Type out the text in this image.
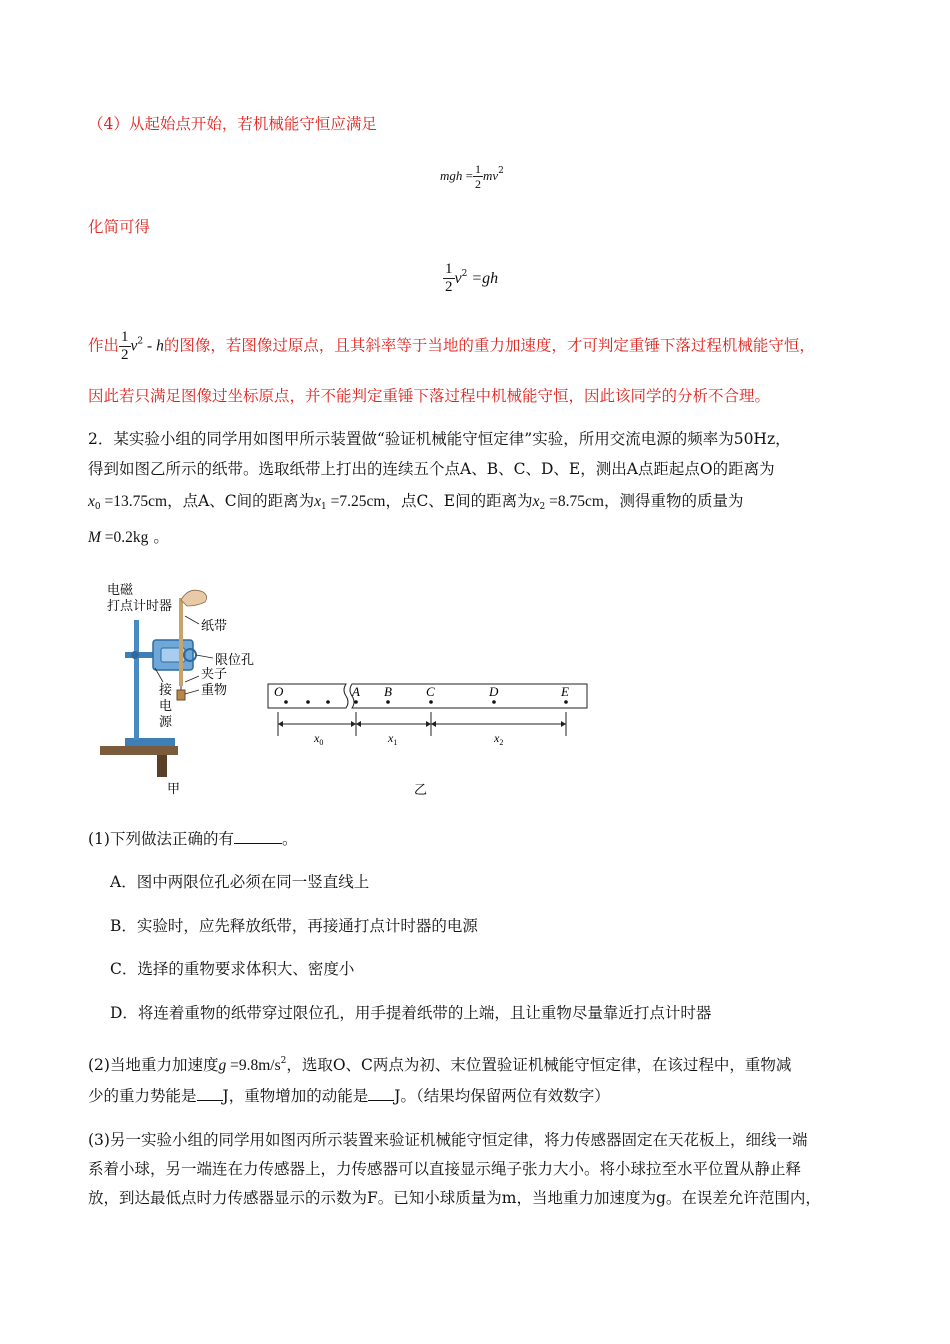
（4）从起始点开始，若机械能守恒应满足
mgh = $\frac{1}{2} mv^2$
化简可得
$\frac{1}{2} v^2 =gh$
作出 $\frac{1}{2} v^2$ - h的图像，若图像过原点，且其斜率等于当地的重力加速度，才可判定重锤下落过程机械能守恒，
因此若只满足图像过坐标原点，并不能判定重锤下落过程中机械能守恒，因此该同学的分析不合理。
2．某实验小组的同学用如图甲所示装置做“验证机械能守恒定律”实验，所用交流电源的频率为50Hz，
得到如图乙所示的纸带。选取纸带上打出的连续五个点A、B、C、D、E，测出A点距起点O的距离为
$x_0 =13.75cm$，点A、C间的距离为$x_1 =7.25cm$，点C、E间的距离为$x_2 =8.75cm$，测得重物的质量为
M =0.2kg 。
电磁
打点计时器
纸带
限位孔
夹子
重物
接
电
源
甲
O	A B	C	D	E
$x_0$	$x_1$	$x_2$
乙
(1)下列做法正确的有	。
A．图中两限位孔必须在同一竖直线上
B．实验时，应先释放纸带，再接通打点计时器的电源
C．选择的重物要求体积大、密度小
D．将连着重物的纸带穿过限位孔，用手提着纸带的上端，且让重物尽量靠近打点计时器
(2)当地重力加速度$g =9.8m/s^2$，选取O、C两点为初、末位置验证机械能守恒定律，在该过程中，重物减
少的重力势能是 J，重物增加的动能是 J。（结果均保留两位有效数字）
(3)另一实验小组的同学用如图丙所示装置来验证机械能守恒定律，将力传感器固定在天花板上，细线一端
系着小球，另一端连在力传感器上，力传感器可以直接显示绳子张力大小。将小球拉至水平位置从静止释
放，到达最低点时力传感器显示的示数为F。已知小球质量为m，当地重力加速度为g。在误差允许范围内，
